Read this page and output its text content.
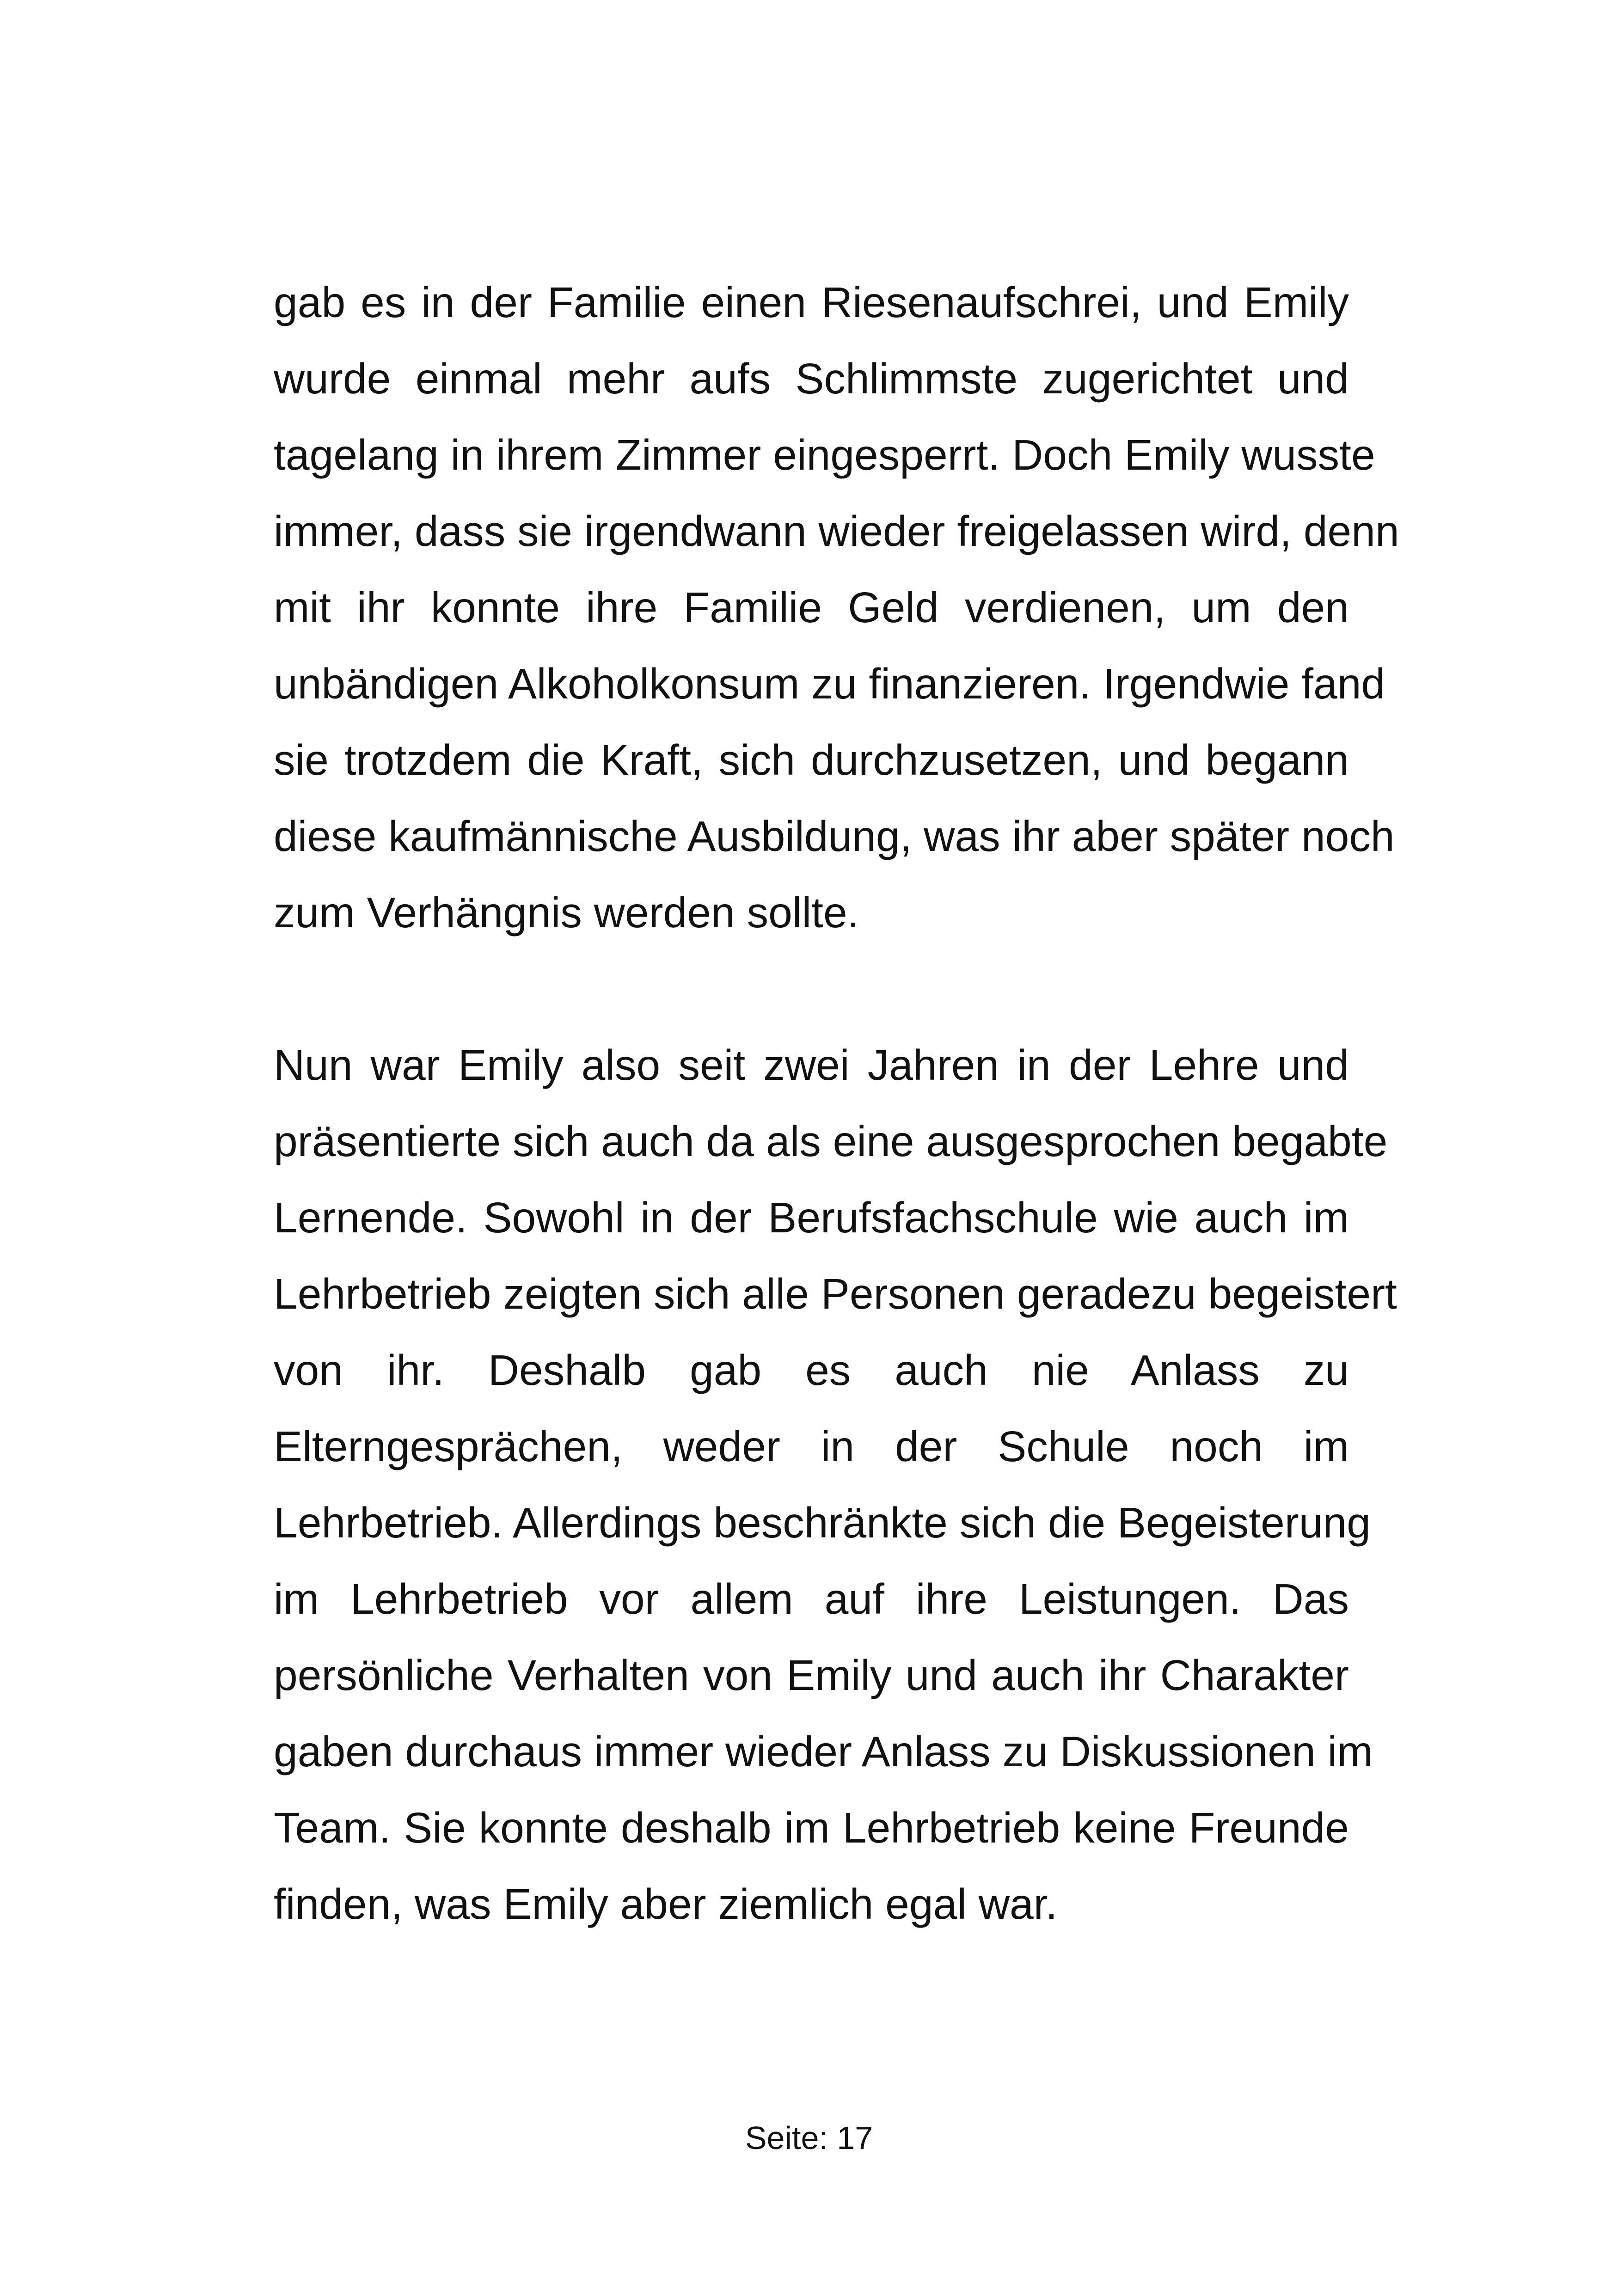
gab es in der Familie einen Riesenaufschrei, und Emily
wurde einmal mehr aufs Schlimmste zugerichtet und
tagelang in ihrem Zimmer eingesperrt. Doch Emily wusste
immer, dass sie irgendwann wieder freigelassen wird, denn
mit ihr konnte ihre Familie Geld verdienen, um den
unbändigen Alkoholkonsum zu finanzieren. Irgendwie fand
sie trotzdem die Kraft, sich durchzusetzen, und begann
diese kaufmännische Ausbildung, was ihr aber später noch
zum Verhängnis werden sollte.
Nun war Emily also seit zwei Jahren in der Lehre und
präsentierte sich auch da als eine ausgesprochen begabte
Lernende. Sowohl in der Berufsfachschule wie auch im
Lehrbetrieb zeigten sich alle Personen geradezu begeistert
von ihr. Deshalb gab es auch nie Anlass zu
Elterngesprächen, weder in der Schule noch im
Lehrbetrieb. Allerdings beschränkte sich die Begeisterung
im Lehrbetrieb vor allem auf ihre Leistungen. Das
persönliche Verhalten von Emily und auch ihr Charakter
gaben durchaus immer wieder Anlass zu Diskussionen im
Team. Sie konnte deshalb im Lehrbetrieb keine Freunde
finden, was Emily aber ziemlich egal war.
Seite: 17
